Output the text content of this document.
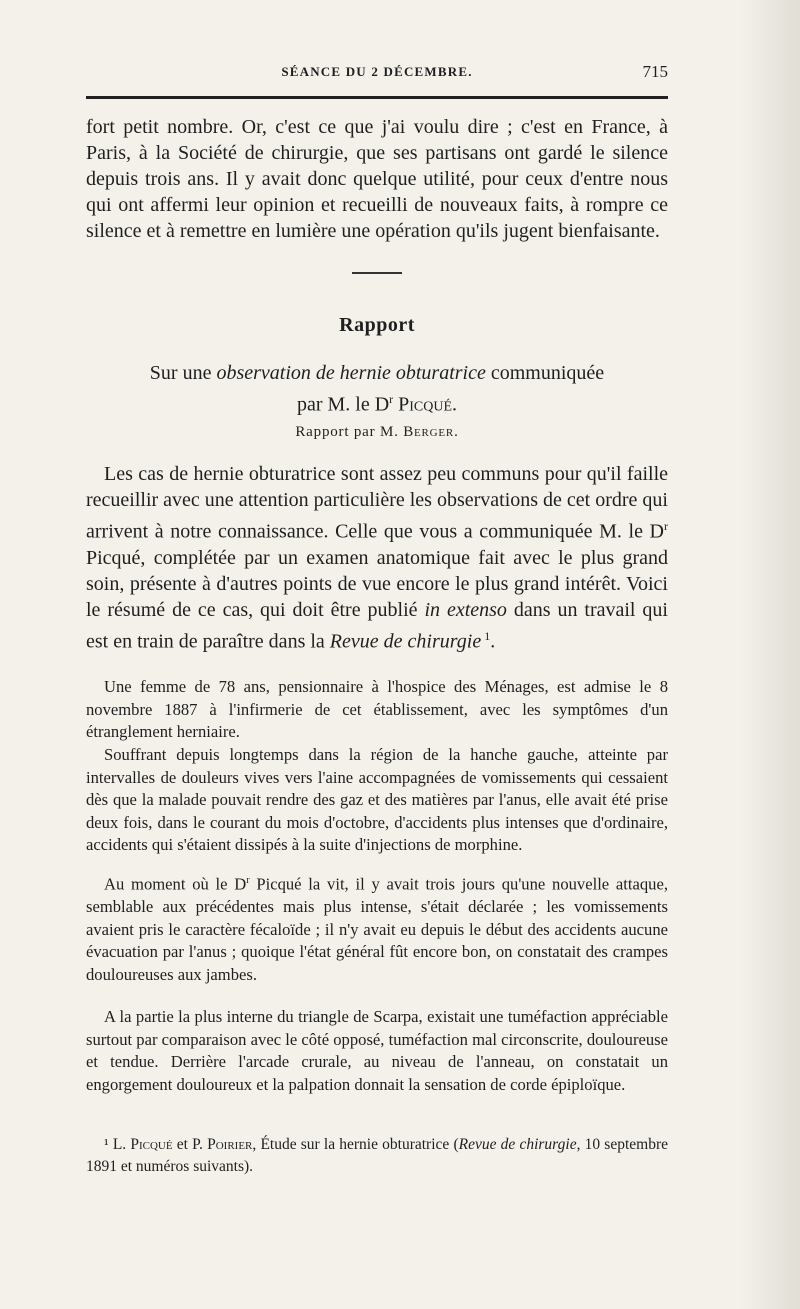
SÉANCE DU 2 DÉCEMBRE.	715

fort petit nombre. Or, c'est ce que j'ai voulu dire ; c'est en France, à Paris, à la Société de chirurgie, que ses partisans ont gardé le silence depuis trois ans. Il y avait donc quelque utilité, pour ceux d'entre nous qui ont affermi leur opinion et recueilli de nouveaux faits, à rompre ce silence et à remettre en lumière une opération qu'ils jugent bienfaisante.

Rapport

Sur une observation de hernie obturatrice communiquée
par M. le $D^r$ Picqué.

Rapport par M. Berger.

Les cas de hernie obturatrice sont assez peu communs pour qu'il faille recueillir avec une attention particulière les observations de cet ordre qui arrivent à notre connaissance. Celle que vous a communiquée M. le $D^r$ Picqué, complétée par un examen anatomique fait avec le plus grand soin, présente à d'autres points de vue encore le plus grand intérêt. Voici le résumé de ce cas, qui doit être publié in extenso dans un travail qui est en train de paraître dans la Revue de chirurgie $^1$.

Une femme de 78 ans, pensionnaire à l'hospice des Ménages, est admise le 8 novembre 1887 à l'infirmerie de cet établissement, avec les symptômes d'un étranglement herniaire.

Souffrant depuis longtemps dans la région de la hanche gauche, atteinte par intervalles de douleurs vives vers l'aine accompagnées de vomissements qui cessaient dès que la malade pouvait rendre des gaz et des matières par l'anus, elle avait été prise deux fois, dans le courant du mois d'octobre, d'accidents plus intenses que d'ordinaire, accidents qui s'étaient dissipés à la suite d'injections de morphine.

Au moment où le $D^r$ Picqué la vit, il y avait trois jours qu'une nouvelle attaque, semblable aux précédentes mais plus intense, s'était déclarée ; les vomissements avaient pris le caractère fécaloïde ; il n'y avait eu depuis le début des accidents aucune évacuation par l'anus ; quoique l'état général fût encore bon, on constatait des crampes douloureuses aux jambes.

A la partie la plus interne du triangle de Scarpa, existait une tuméfaction appréciable surtout par comparaison avec le côté opposé, tuméfaction mal circonscrite, douloureuse et tendue. Derrière l'arcade crurale, au niveau de l'anneau, on constatait un engorgement douloureux et la palpation donnait la sensation de corde épiploïque.

¹ L. Picqué et P. Poirier, Étude sur la hernie obturatrice (Revue de chirurgie, 10 septembre 1891 et numéros suivants).
